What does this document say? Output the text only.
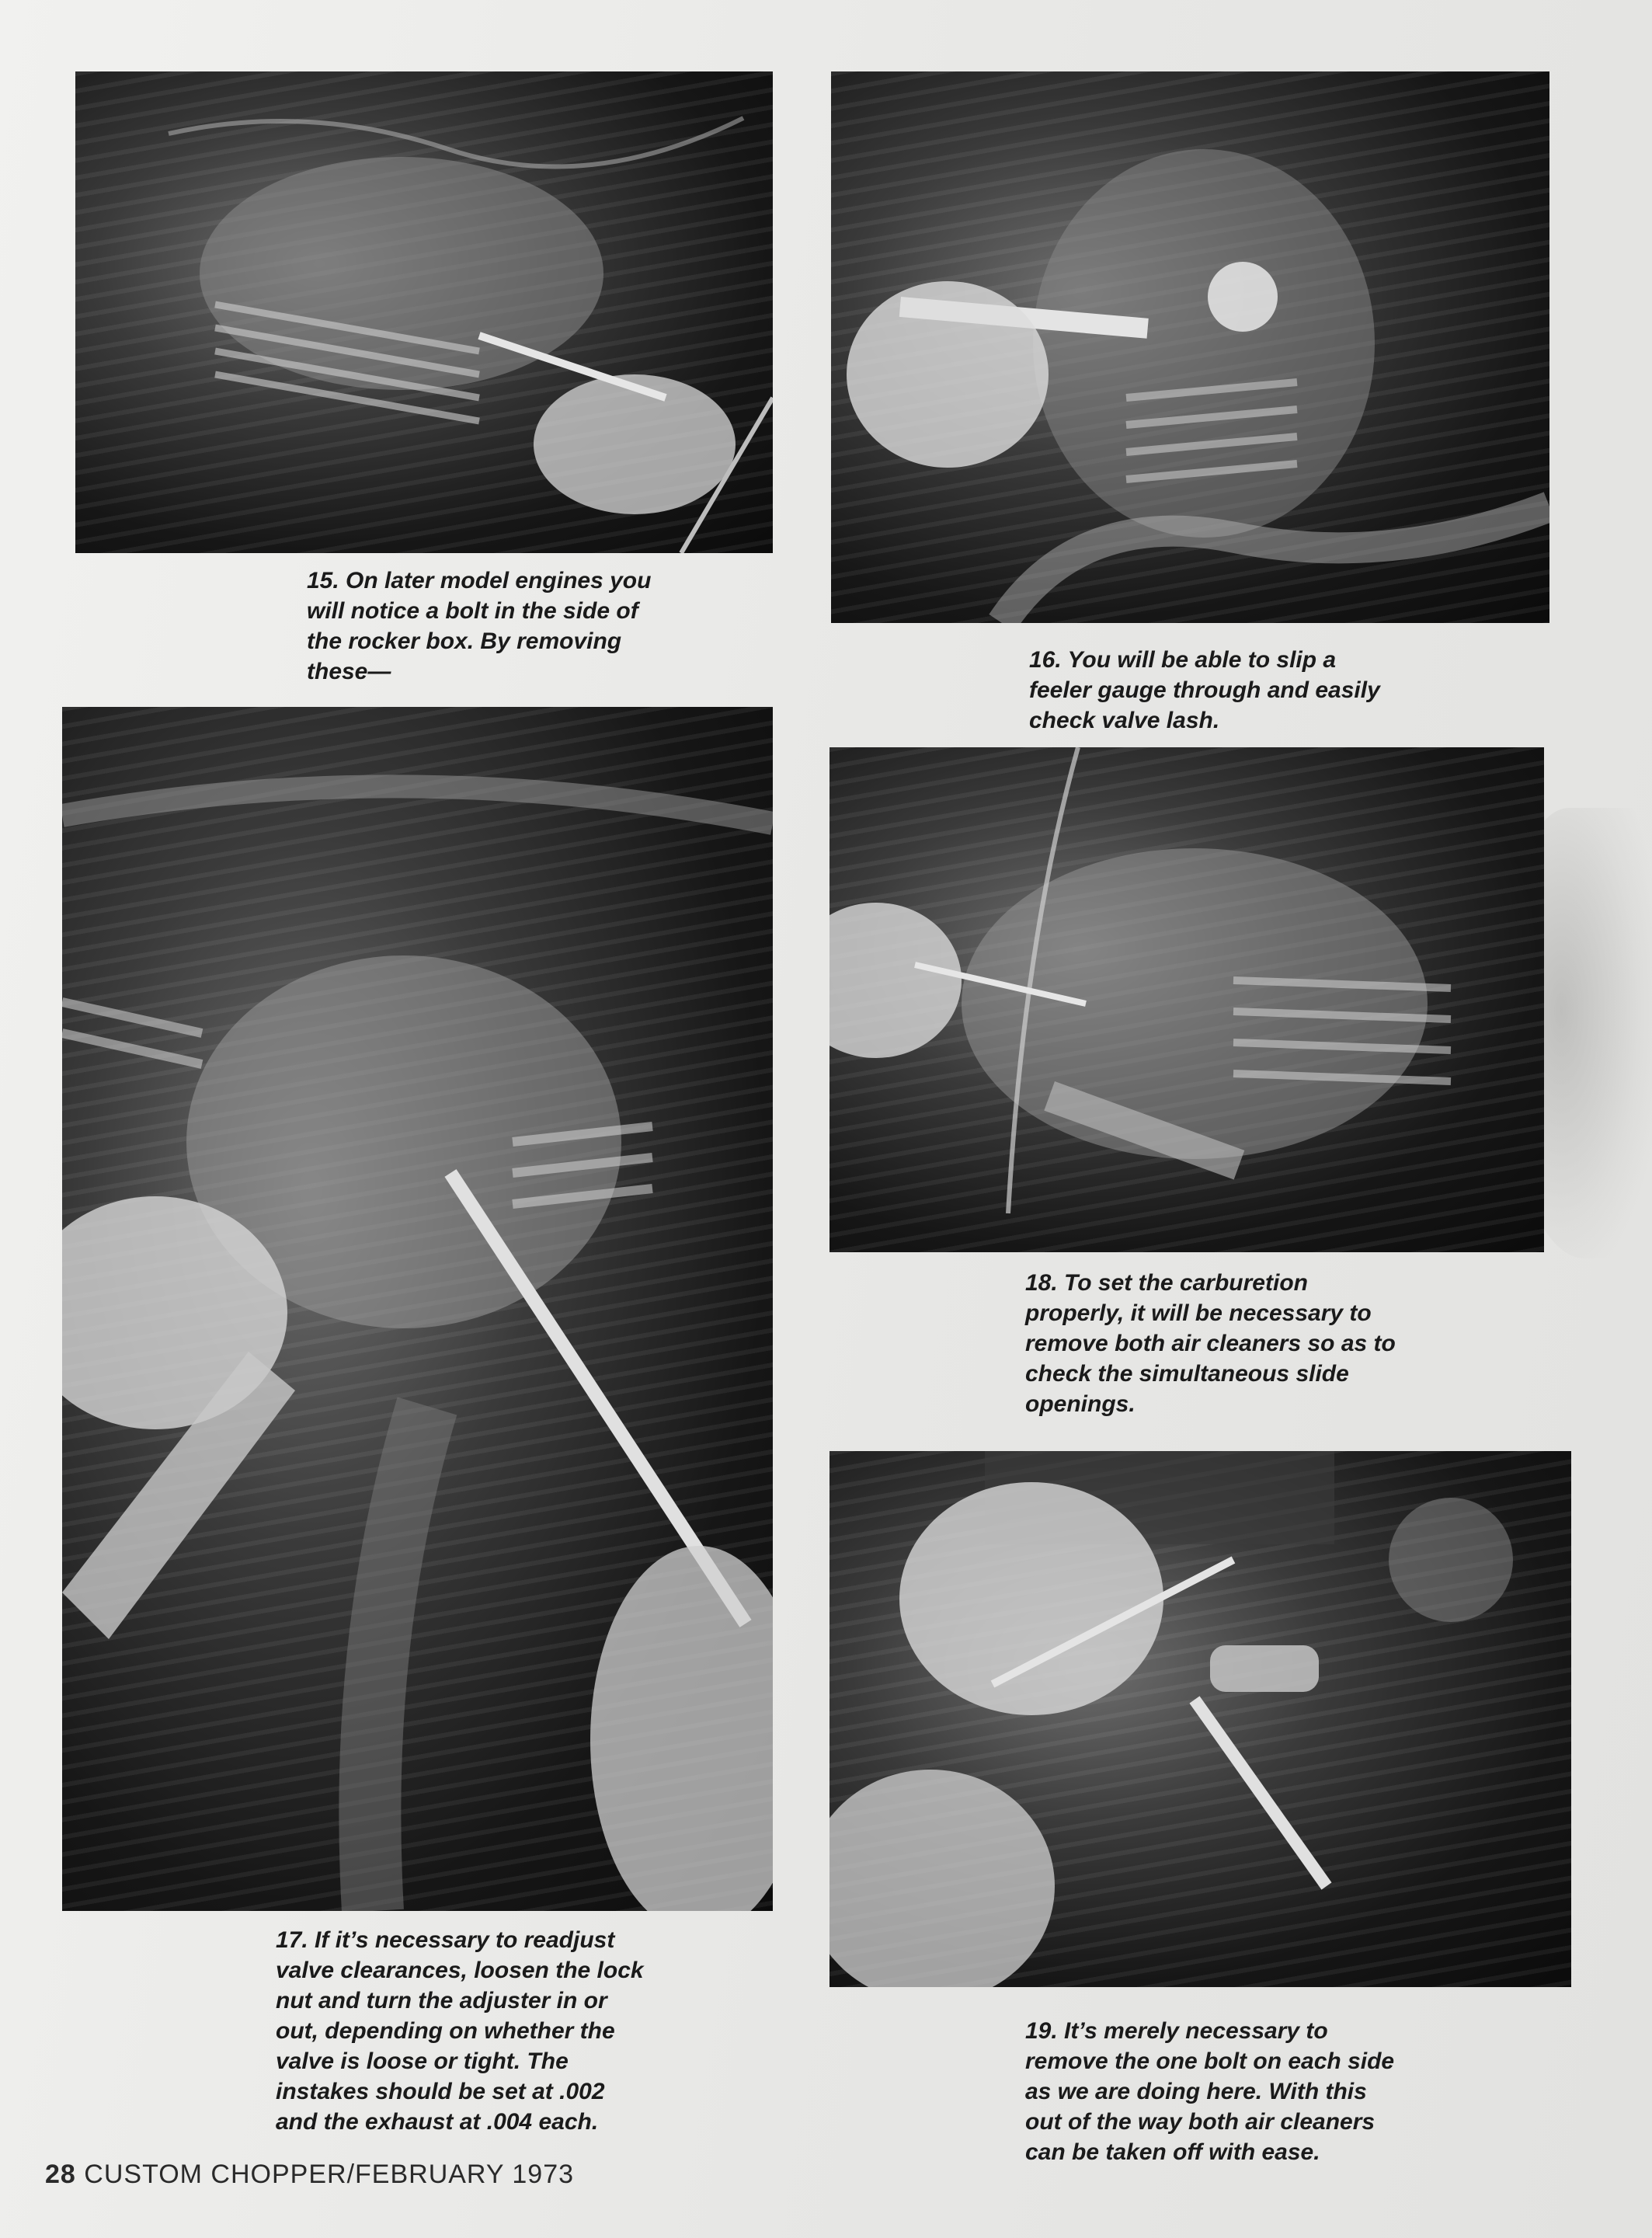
15. On later model engines you
will notice a bolt in the side of
the rocker box. By removing
these—	16. You will be able to slip a
feeler gauge through and easily
check valve lash.
17. If it’s necessary to readjust
valve clearances, loosen the lock
nut and turn the adjuster in or
out, depending on whether the
valve is loose or tight. The
instakes should be set at .002
and the exhaust at .004 each.
18. To set the carburetion
properly, it will be necessary to
remove both air cleaners so as to
check the simultaneous slide
openings.
19. It’s merely necessary to
remove the one bolt on each side
as we are doing here. With this
out of the way both air cleaners
can be taken off with ease.
28 CUSTOM CHOPPER/FEBRUARY 1973
